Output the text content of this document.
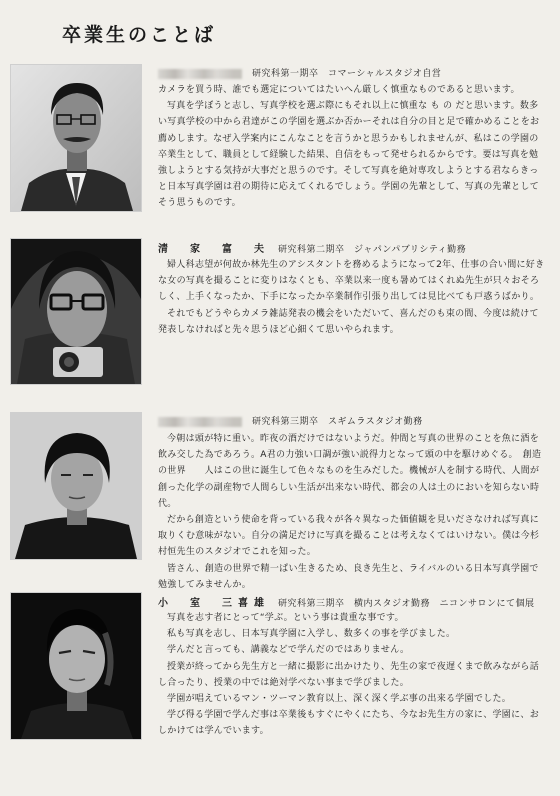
卒業生のことば
研究科第一期卒　コマーシャルスタジオ自営

カメラを買う時、誰でも選定についてはたいへん厳しく慎重なものであると思います。

写真を学ぼうと志し、写真学校を選ぶ際にもそれ以上に慎重な も の だと思います。数多い写真学校の中から君達がこの学園を選ぶか否かーそれは自分の目と足で確かめることをお薦めします。なぜ入学案内にこんなことを言うかと思うかもしれませんが、私はこの学園の卒業生として、職員として経験した結果、自信をもって発せられるからです。要は写真を勉強しようとする気持が大事だと思うのです。そして写真を絶対専攻しようとする君ならきっと日本写真学園は君の期待に応えてくれるでしょう。学園の先輩として、写真の先輩としてそう思うものです。

清　家　富　夫 研究科第二期卒　ジャパンパブリシティ勤務

婦人科志望が何故か林先生のアシスタントを務めるようになって2年、仕事の合い間に好きな女の写真を撮ることに変りはなくとも、卒業以来一度も暑めてはくれぬ先生が只々おそろしく、上手くなったか、下手になったか卒業制作引張り出しては見比べても戸惑うばかり。

それでもどうやらカメラ雑誌発表の機会をいただいて、喜んだのも束の間、今度は続けて発表しなければと先々思うほど心細くて思いやられます。

研究科第三期卒　スギムラスタジオ勤務

今朝は頭が特に重い。昨夜の酒だけではないようだ。仲間と写真の世界のことを魚に酒を飲み交した為であろう。A君の力強い口調が強い説得力となって頭の中を駆けめぐる。　創造の世界　　人はこの世に誕生して色々なものを生みだした。機械が人を制する時代、人間が創った化学の副産物で人間らしい生活が出来ない時代、都会の人は土のにおいを知らない時代。

だから創造という使命を背っている我々が各々異なった価値観を見いださなければ写真に取りくむ意味がない。自分の満足だけに写真を撮ることは考えなくてはいけない。僕は今杉村恒先生のスタジオでこれを知った。

皆さん、創造の世界で精一ぱい生きるため、良き先生と、ライバルのいる日本写真学園で勉強してみませんか。

小　室　三喜雄 研究科第三期卒　横内スタジオ勤務　ニコンサロンにて個展

写真を志す者にとって“学ぶ。という事は貴重な事です。

私も写真を志し、日本写真学園に入学し、数多くの事を学びました。

学んだと言っても、講義などで学んだのではありません。

授業が終ってから先生方と一緒に撮影に出かけたり、先生の家で夜遅くまで飲みながら話し合ったり、授業の中では絶対学べない事まで学びました。

学園が唱えているマン・ツーマン教育以上、深く深く学ぶ事の出来る学園でした。

学び得る学園で学んだ事は卒業後もすぐにやくにたち、今なお先生方の家に、学園に、おしかけては学んでいます。
